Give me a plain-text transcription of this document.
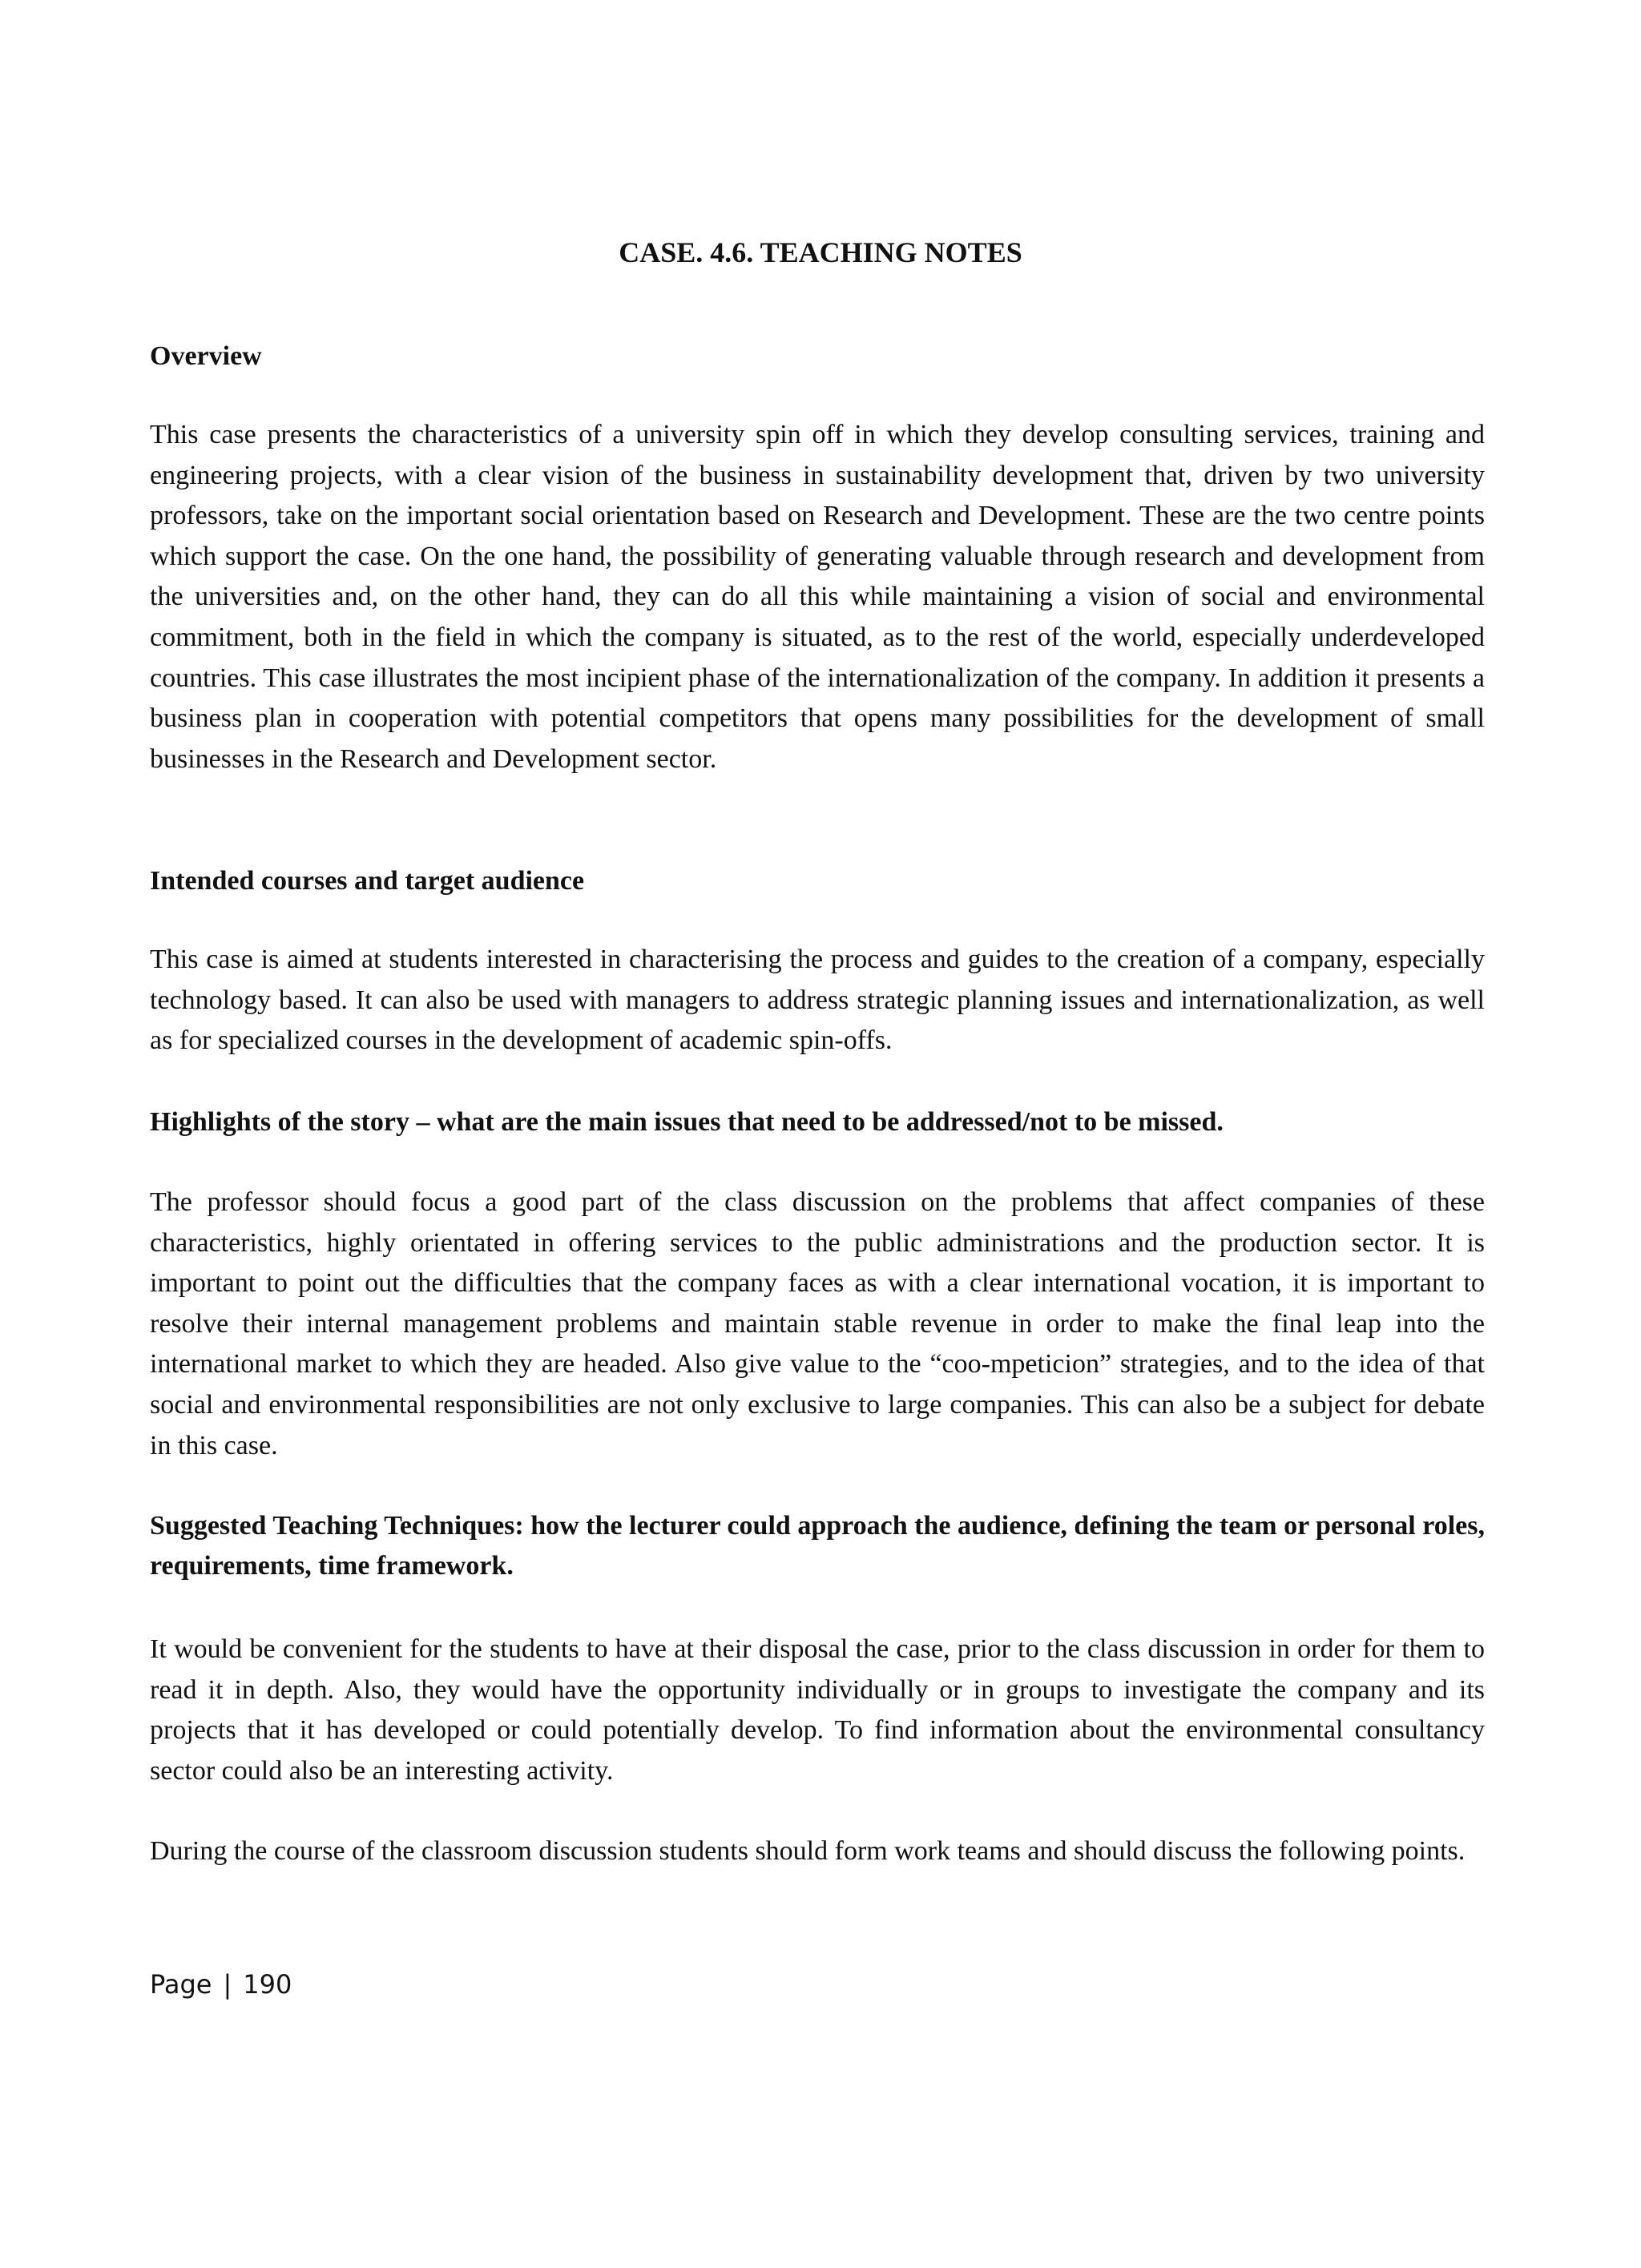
CASE. 4.6. TEACHING NOTES
Overview

This case presents the characteristics of a university spin off in which they develop consulting services, training and engineering projects, with a clear vision of the business in sustainability development that, driven by two university professors, take on the important social orientation based on Research and Development. These are the two centre points which support the case. On the one hand, the possibility of generating valuable through research and development from the universities and, on the other hand, they can do all this while maintaining a vision of social and environmental commitment, both in the field in which the company is situated, as to the rest of the world, especially underdeveloped countries. This case illustrates the most incipient phase of the internationalization of the company. In addition it presents a business plan in cooperation with potential competitors that opens many possibilities for the development of small businesses in the Research and Development sector.

Intended courses and target audience

This case is aimed at students interested in characterising the process and guides to the creation of a company, especially technology based. It can also be used with managers to address strategic planning issues and internationalization, as well as for specialized courses in the development of academic spin-offs.

Highlights of the story – what are the main issues that need to be addressed/not to be missed.

The professor should focus a good part of the class discussion on the problems that affect companies of these characteristics, highly orientated in offering services to the public administrations and the production sector. It is important to point out the difficulties that the company faces as with a clear international vocation, it is important to resolve their internal management problems and maintain stable revenue in order to make the final leap into the international market to which they are headed. Also give value to the “coo-mpeticion” strategies, and to the idea of that social and environmental responsibilities are not only exclusive to large companies. This can also be a subject for debate in this case.

Suggested Teaching Techniques: how the lecturer could approach the audience, defining the team or personal roles, requirements, time framework.

It would be convenient for the students to have at their disposal the case, prior to the class discussion in order for them to read it in depth. Also, they would have the opportunity individually or in groups to investigate the company and its projects that it has developed or could potentially develop. To find information about the environmental consultancy sector could also be an interesting activity.

During the course of the classroom discussion students should form work teams and should discuss the following points.

Page | 190
